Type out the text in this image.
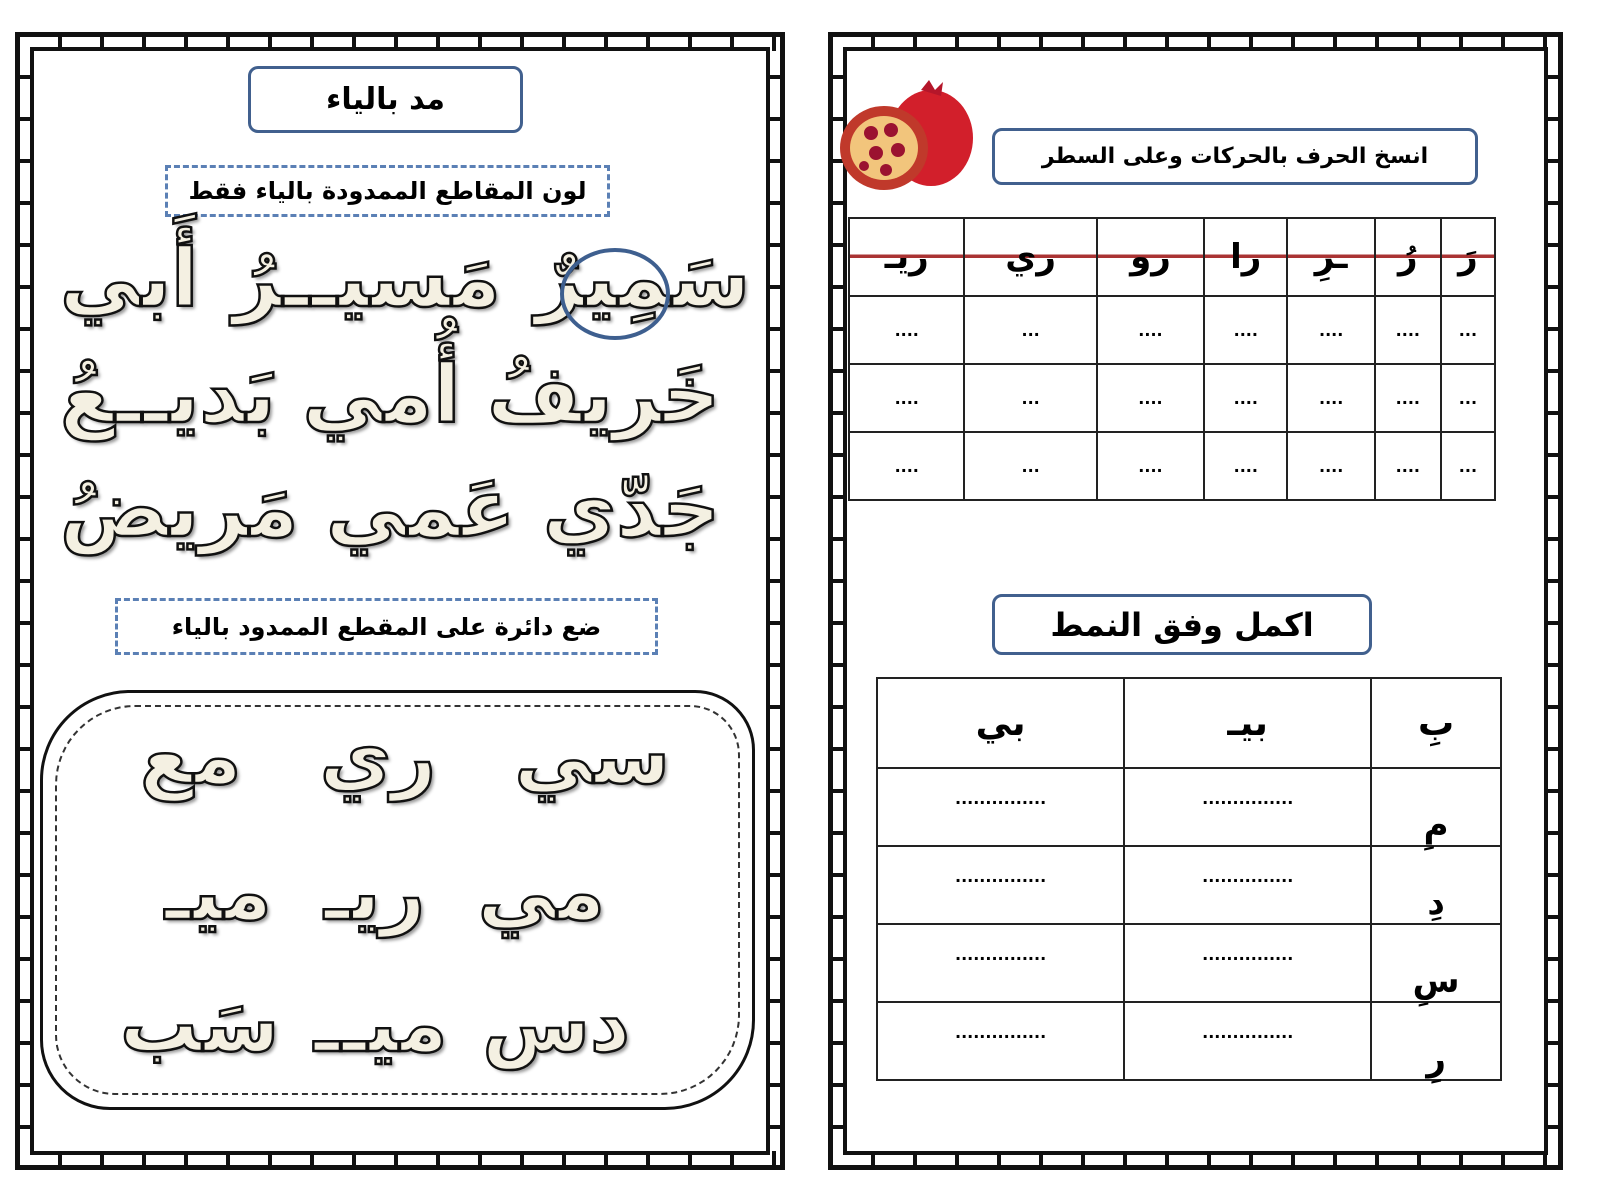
مد بالياء
لون المقاطع الممدودة بالياء فقط
سَمِيرٌ
مَسيــرُ
أَبي
خَريفُ
أُمي
بَديــعُ
جَدّي
عَمي
مَريضُ
ضع دائرة على المقطع الممدود بالياء
سي
ري
مع
مي
ريـ
ميـ
دس
ميــ
سَب
انسخ الحرف بالحركات وعلى السطر
رَ	رُ	ـرِ	را	رو	ري	ريـ
...	....	....	....	....	...	....
...	....	....	....	....	...	....
...	....	....	....	....	...	....
اكمل وفق النمط
بِ	بيـ	بي
مِ	...............	...............
دِ	...............	...............
سِ	...............	...............
رِ	...............	...............
